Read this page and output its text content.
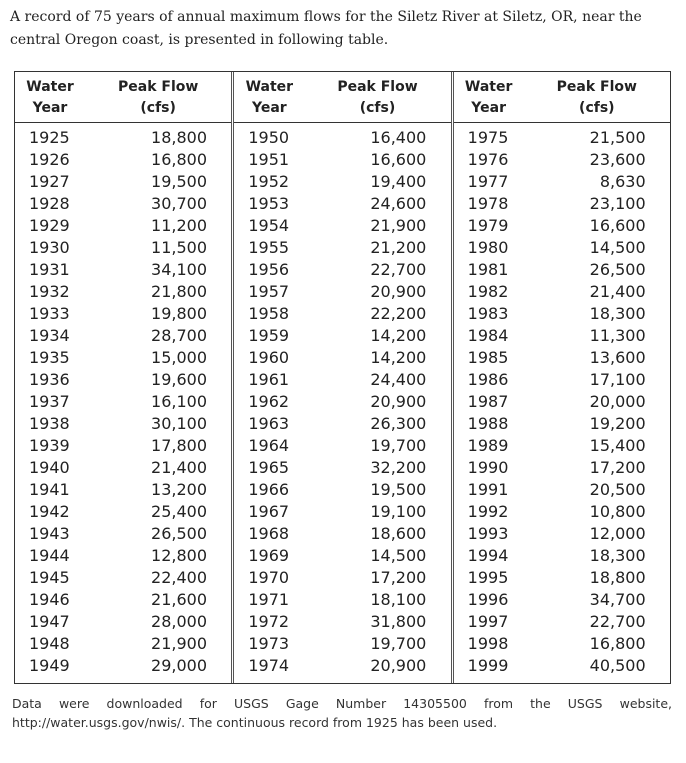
A record of 75 years of annual maximum flows for the Siletz River at Siletz, OR, near the central Oregon coast, is presented in following table.
Water
Year
Peak Flow
(cfs)
1925	18,800
1926	16,800
1927	19,500
1928	30,700
1929	11,200
1930	11,500
1931	34,100
1932	21,800
1933	19,800
1934	28,700
1935	15,000
1936	19,600
1937	16,100
1938	30,100
1939	17,800
1940	21,400
1941	13,200
1942	25,400
1943	26,500
1944	12,800
1945	22,400
1946	21,600
1947	28,000
1948	21,900
1949	29,000
Water
Year
Peak Flow
(cfs)
1950	16,400
1951	16,600
1952	19,400
1953	24,600
1954	21,900
1955	21,200
1956	22,700
1957	20,900
1958	22,200
1959	14,200
1960	14,200
1961	24,400
1962	20,900
1963	26,300
1964	19,700
1965	32,200
1966	19,500
1967	19,100
1968	18,600
1969	14,500
1970	17,200
1971	18,100
1972	31,800
1973	19,700
1974	20,900
Water
Year
Peak Flow
(cfs)
1975	21,500
1976	23,600
1977	8,630
1978	23,100
1979	16,600
1980	14,500
1981	26,500
1982	21,400
1983	18,300
1984	11,300
1985	13,600
1986	17,100
1987	20,000
1988	19,200
1989	15,400
1990	17,200
1991	20,500
1992	10,800
1993	12,000
1994	18,300
1995	18,800
1996	34,700
1997	22,700
1998	16,800
1999	40,500
Data were downloaded for USGS Gage Number 14305500 from the USGS website, http://water.usgs.gov/nwis/. The continuous record from 1925 has been used.
